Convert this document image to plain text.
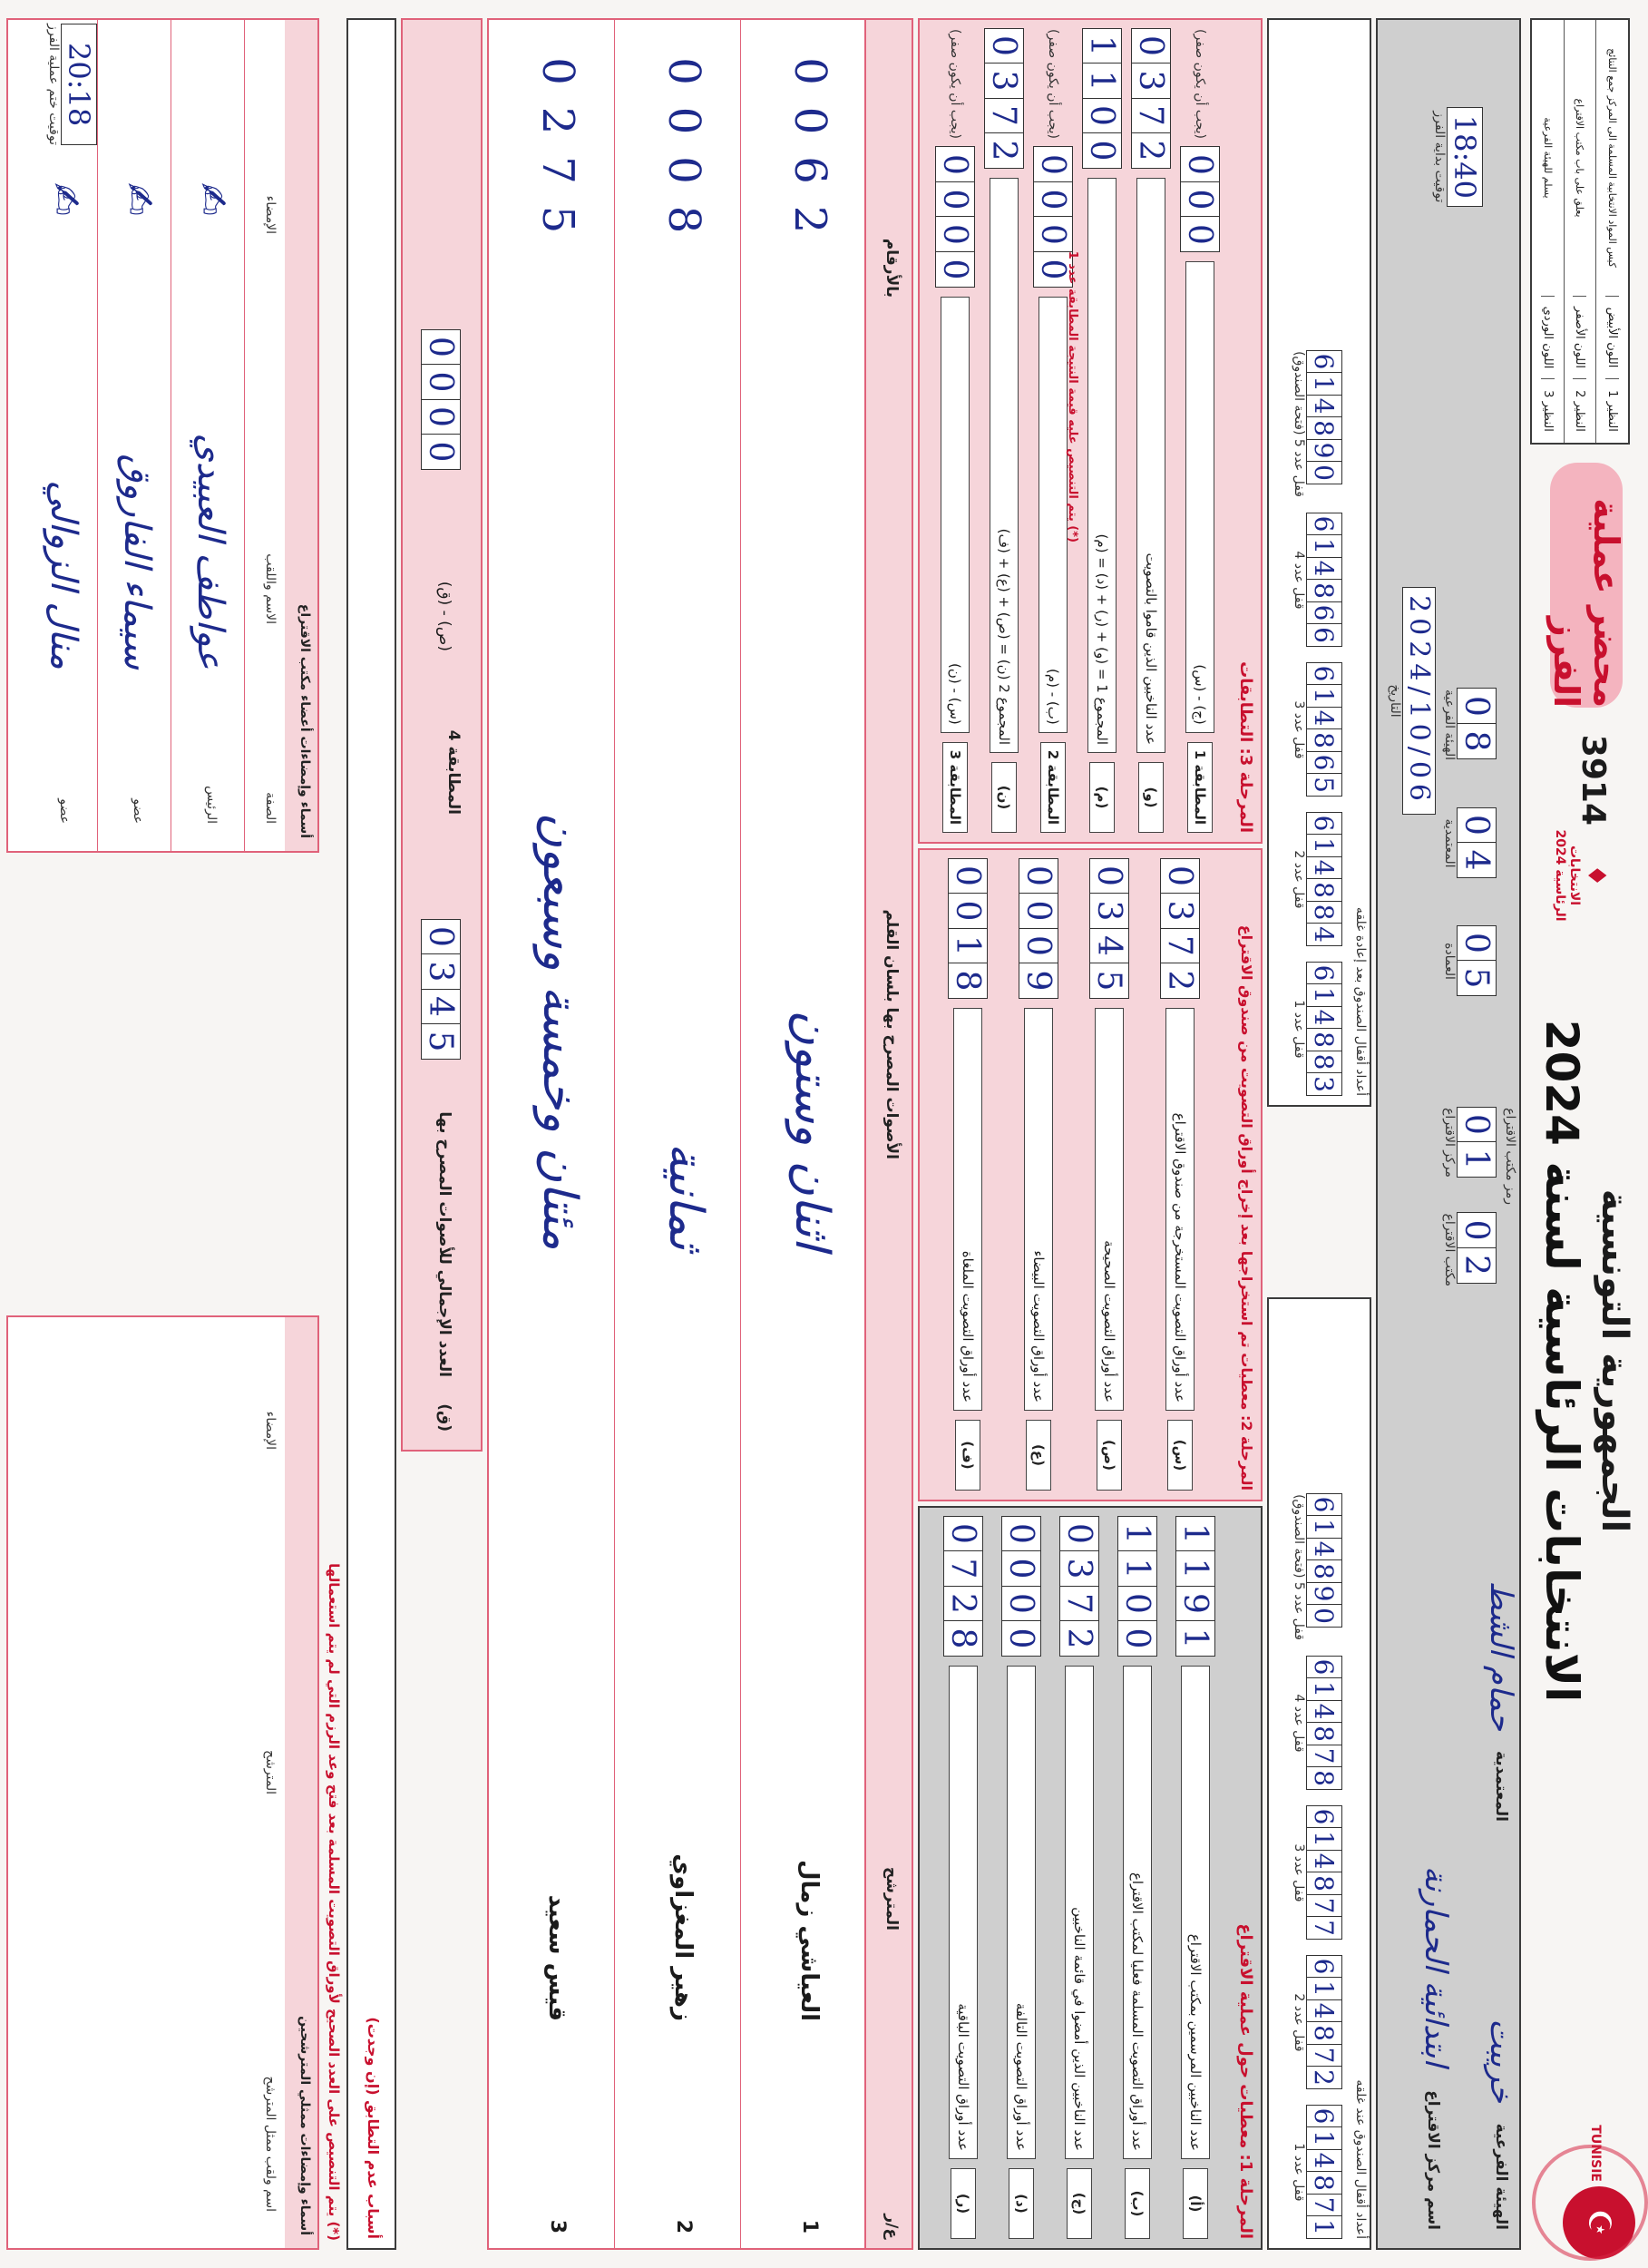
الجمهورية التونسية
الانتخابات الرئاسية لسنة 2024
♦
الانتخابات الرئاسية 2024
3914
☪
TUNISIE
محضر عملية الفرز
النظير 1
اللون الأبيض
كيس المواد الانتخابية المسلمة الى المركز جمع النتائج
النظير 2
اللون الأصفر
يعلق على باب مكتب الاقتراع
النظير 3
اللون الوردي
يسلم للهيئة الفرعية
الهيئة الفرعية
خريبت
المعتمدية
حمام الشط
اسم مركز الاقتراع
ابتدائية الحمارنة
0
2
مكتب الاقتراع
0
1
مركز الاقتراع
0
5
العمادة
0
4
المعتمدية
0
8
الهيئة الفرعية
رمز مكتب الاقتراع
2024/10/06
التاريخ
18:40
توقيت بداية الفرز
أعداد أقفال الصندوق عند غلقه
6
1
4
8
7
1
قفل عدد 1
6
1
4
8
7
2
قفل عدد 2
6
1
4
8
7
7
قفل عدد 3
6
1
4
8
7
8
قفل عدد 4
6
1
4
8
9
0
قفل عدد 5 (فتحة الصندوق)
أعداد أقفال الصندوق بعد إعادة غلقه
6
1
4
8
8
3
قفل عدد 1
6
1
4
8
8
4
قفل عدد 2
6
1
4
8
6
5
قفل عدد 3
6
1
4
8
6
6
قفل عدد 4
6
1
4
8
9
0
قفل عدد 5 (فتحة الصندوق)
المرحلة 1: معطيات حول عملية الاقتراع
(أ)
عدد الناخبين المرسمين بمكتب الاقتراع
1
1
9
1
(ب)
عدد أوراق التصويت المسلمة فعليا لمكتب الاقتراع
1
1
0
0
(ج)
عدد الناخبين الذين أمضوا في قائمة الناخبين
0
3
7
2
(د)
عدد أوراق التصويت التالفة
0
0
0
0
(ر)
عدد أوراق التصويت الباقية
0
7
2
8
المرحلة 2: معطيات تم استخراجها بعد إخراج أوراق التصويت من صندوق الاقتراع
(س)
عدد أوراق التصويت المستخرجة من صندوق الاقتراع
0
3
7
2
(ص)
عدد أوراق التصويت الصحيحة
0
3
4
5
(ع)
عدد أوراق التصويت البيضاء
0
0
0
9
(ف)
عدد أوراق التصويت الملغاة
0
0
1
8
المرحلة 3: التطابقات
المطابقة 1
(ج) - (س)
0
0
0
(يجب أن يكون صفر)
(و)
عدد الناخبين الذين قاموا بالتصويت
0
3
7
2
(م)
المجموع 1 = (و) + (ر) + (د) = (م)
1
1
0
0
المطابقة 2
(ب) - (م)
0
0
0
0
(يجب أن يكون صفر)
(ن)
المجموع 2 (ن) = (ص) + (ع) + (ف)
0
3
7
2
المطابقة 3
(س) - (ن)
0
0
0
0
(يجب أن يكون صفر)
(*) يتم التنصيص عليه قيمة النتيجة المطابقة عدد 1
ع/ر
المترشح
الأصوات المصرح بها بلسان القلم
بالأرقام
1
العياشي زمال
اثنان وستون
0
0
6
2
2
زهير المغزاوي
ثمانية
0
0
0
8
3
قيس سعيد
مئتان وخمسة وسبعون
0
2
7
5
(ق)
العدد الإجمالي للأصوات المصرح بها
0
3
4
5
المطابقة 4
(ص) - (ق)
0
0
0
0
أسباب عدم التطابق (إن وجدت)
(*) يتم التنصيص على العدد الصحيح لأوراق التصويت المسلمة بعد فتح وعد الرزم التي لم يتم استعمالها
أسماء وإمضاءات ممثلي المترشحين
اسم ولقب ممثل المترشح
المترشح
الإمضاء
أسماء وإمضاءات أعضاء مكتب الاقتراع
الصفة
الاسم واللقب
الإمضاء
الرئيس
عواطف العبيدي
✍
عضو
سيماء الفاروق
✍
عضو
منال الزوالي
✍
20:18
توقيت ختم عملية الفرز
